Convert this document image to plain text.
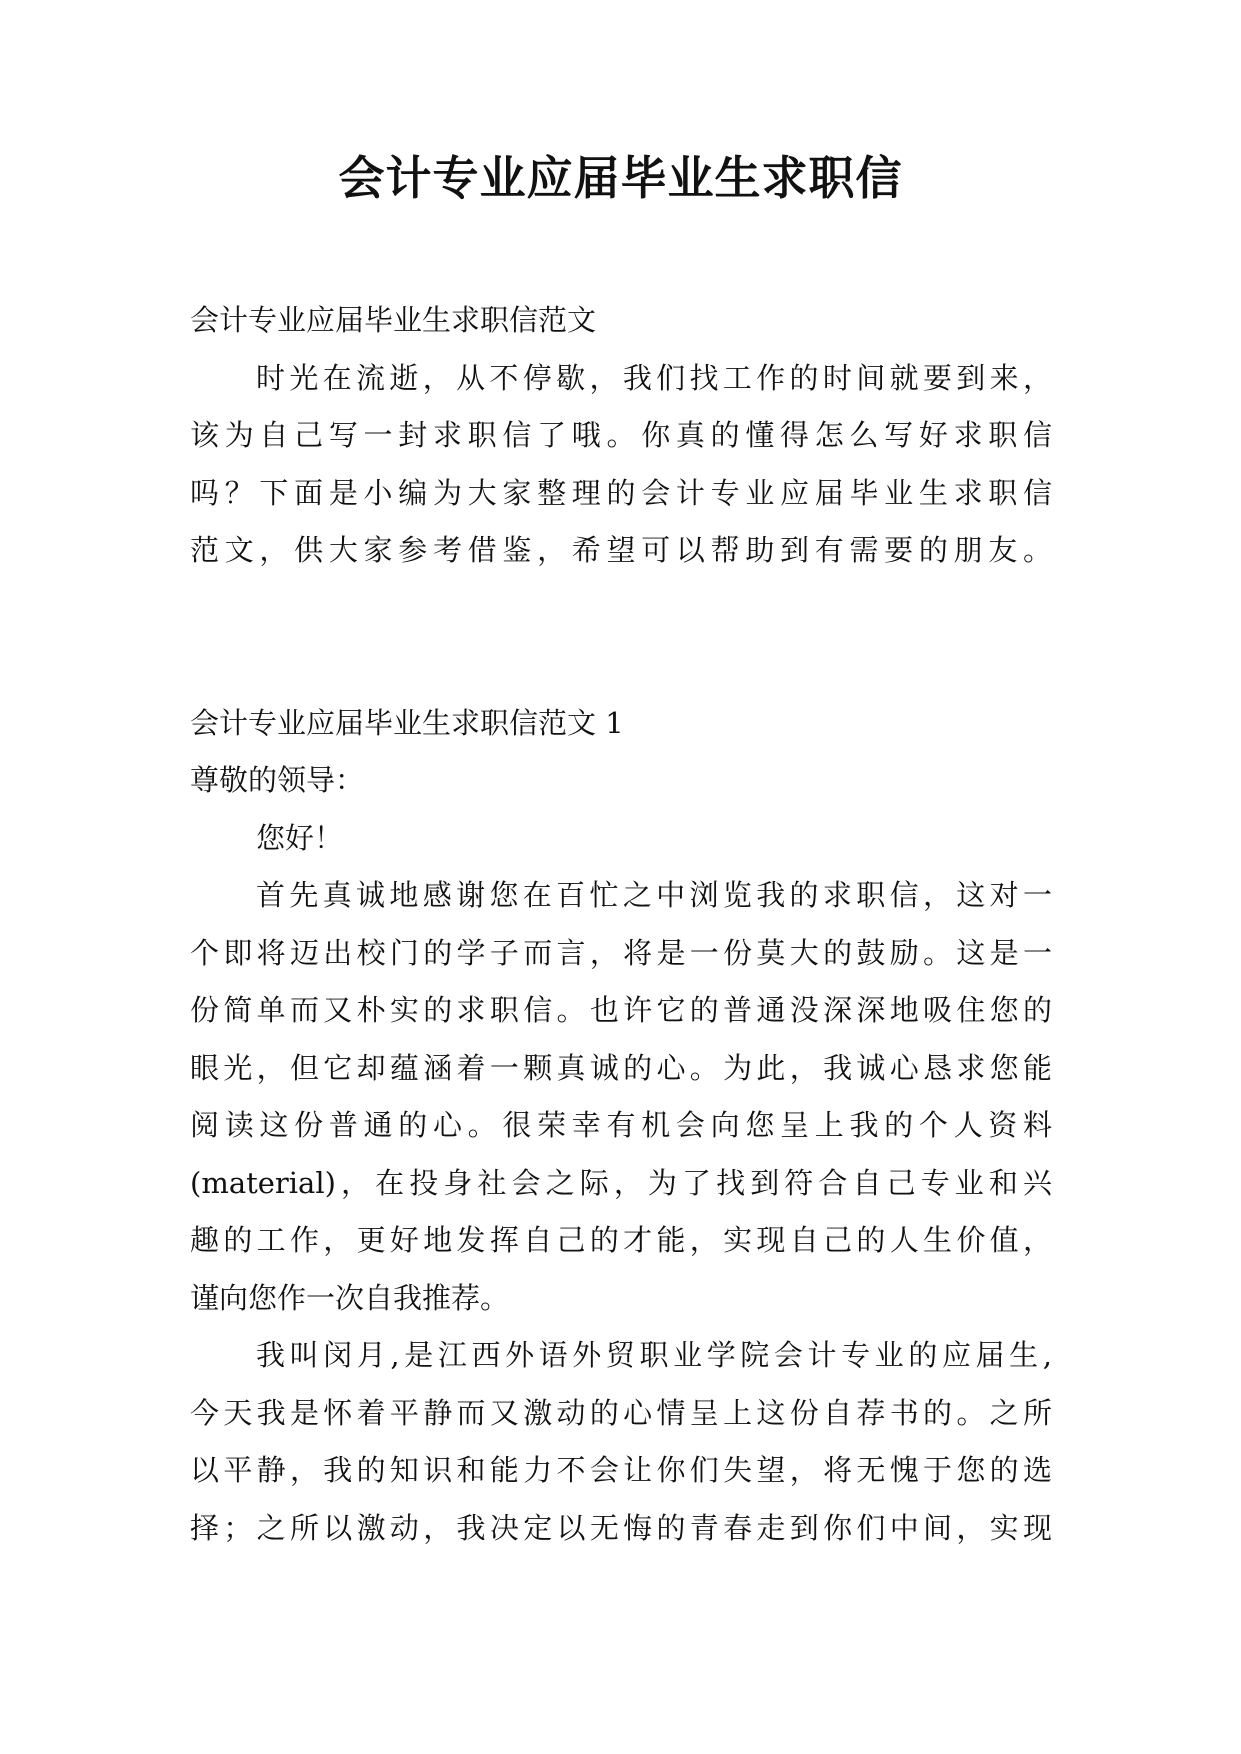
会计专业应届毕业生求职信
会计专业应届毕业生求职信范文
时光在流逝，从不停歇，我们找工作的时间就要到来，
该为自己写一封求职信了哦。你真的懂得怎么写好求职信
吗？下面是小编为大家整理的会计专业应届毕业生求职信
范文，供大家参考借鉴，希望可以帮助到有需要的朋友。
会计专业应届毕业生求职信范文 1
尊敬的领导：
您好！
首先真诚地感谢您在百忙之中浏览我的求职信，这对一
个即将迈出校门的学子而言，将是一份莫大的鼓励。这是一
份简单而又朴实的求职信。也许它的普通没深深地吸住您的
眼光，但它却蕴涵着一颗真诚的心。为此，我诚心恳求您能
阅读这份普通的心。很荣幸有机会向您呈上我的个人资料
(material)，在投身社会之际，为了找到符合自己专业和兴
趣的工作，更好地发挥自己的才能，实现自己的人生价值，
谨向您作一次自我推荐。
我叫闵月,是江西外语外贸职业学院会计专业的应届生,
今天我是怀着平静而又激动的心情呈上这份自荐书的。之所
以平静，我的知识和能力不会让你们失望，将无愧于您的选
择；之所以激动，我决定以无悔的青春走到你们中间，实现
